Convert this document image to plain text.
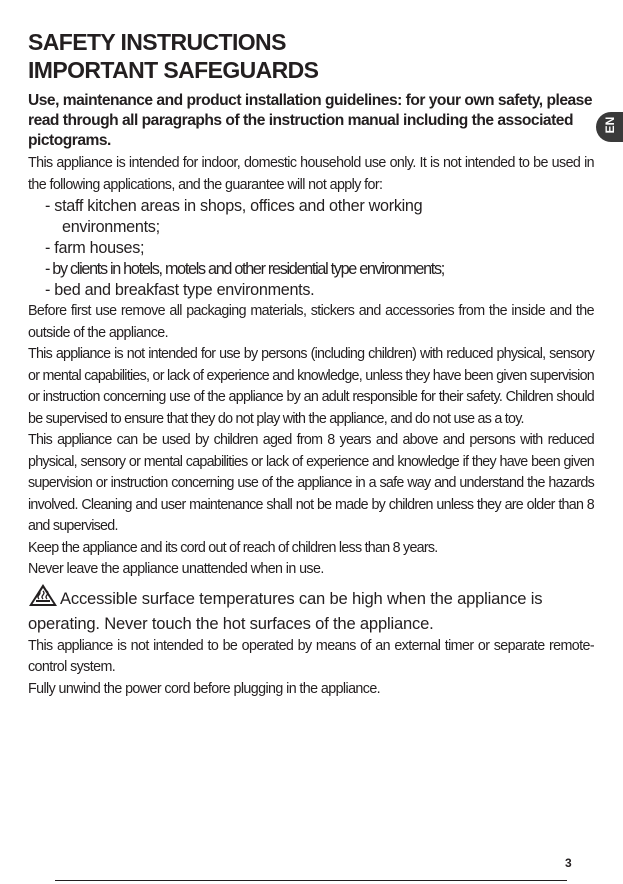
SAFETY INSTRUCTIONS
IMPORTANT SAFEGUARDS

Use, maintenance and product installation guidelines: for your own safety, please read through all paragraphs of the instruction manual including the associated pictograms.

This appliance is intended for indoor, domestic household use only. It is not intended to be used in the following applications, and the guarantee will not apply for:

- staff kitchen areas in shops, offices and other working
environments;
- farm houses;
- by clients in hotels, motels and other residential type environments;
- bed and breakfast type environments.

Before first use remove all packaging materials, stickers and accessories from the inside and the outside of the appliance.

This appliance is not intended for use by persons (including children) with reduced physical, sensory or mental capabilities, or lack of experience and knowledge, unless they have been given supervision or instruction concerning use of the appliance by an adult responsible for their safety. Children should be supervised to ensure that they do not play with the appliance, and do not use as a toy.

This appliance can be used by children aged from 8 years and above and persons with reduced physical, sensory or mental capabilities or lack of experience and knowledge if they have been given supervision or instruction concerning use of the appliance in a safe way and understand the hazards involved. Cleaning and user maintenance shall not be made by children unless they are older than 8 and supervised.

Keep the appliance and its cord out of reach of children less than 8 years.

Never leave the appliance unattended when in use.

Accessible surface temperatures can be high when the appliance is operating. Never touch the hot surfaces of the appliance.

This appliance is not intended to be operated by means of an external timer or separate remote-control system.

Fully unwind the power cord before plugging in the appliance.

EN
3
